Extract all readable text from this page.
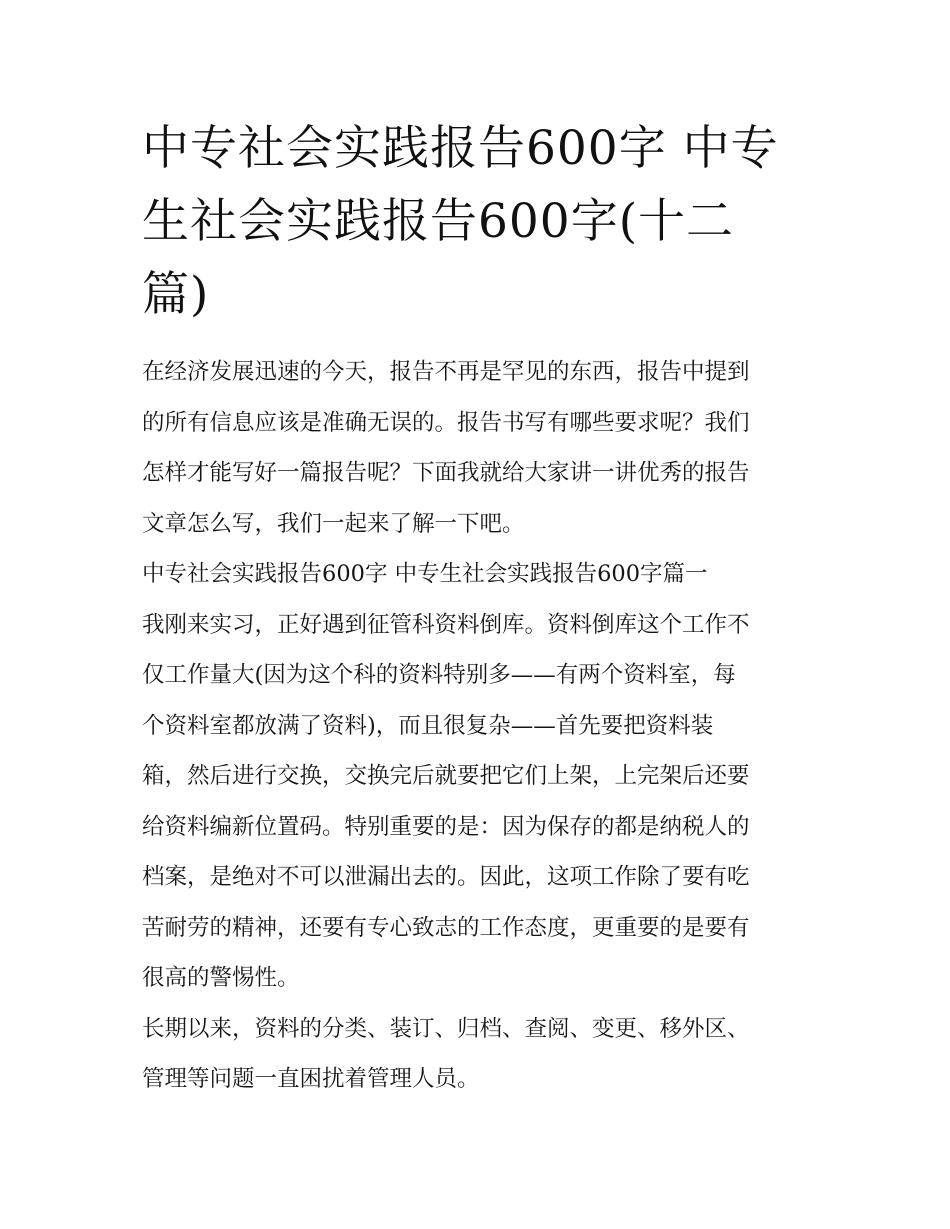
中专社会实践报告600字 中专
生社会实践报告600字(十二
篇)

在经济发展迅速的今天，报告不再是罕见的东西，报告中提到
的所有信息应该是准确无误的。报告书写有哪些要求呢？我们
怎样才能写好一篇报告呢？下面我就给大家讲一讲优秀的报告
文章怎么写，我们一起来了解一下吧。

中专社会实践报告600字 中专生社会实践报告600字篇一

我刚来实习，正好遇到征管科资料倒库。资料倒库这个工作不
仅工作量大(因为这个科的资料特别多——有两个资料室，每
个资料室都放满了资料)，而且很复杂——首先要把资料装
箱，然后进行交换，交换完后就要把它们上架，上完架后还要
给资料编新位置码。特别重要的是：因为保存的都是纳税人的
档案，是绝对不可以泄漏出去的。因此，这项工作除了要有吃
苦耐劳的精神，还要有专心致志的工作态度，更重要的是要有
很高的警惕性。

长期以来，资料的分类、装订、归档、查阅、变更、移外区、
管理等问题一直困扰着管理人员。
